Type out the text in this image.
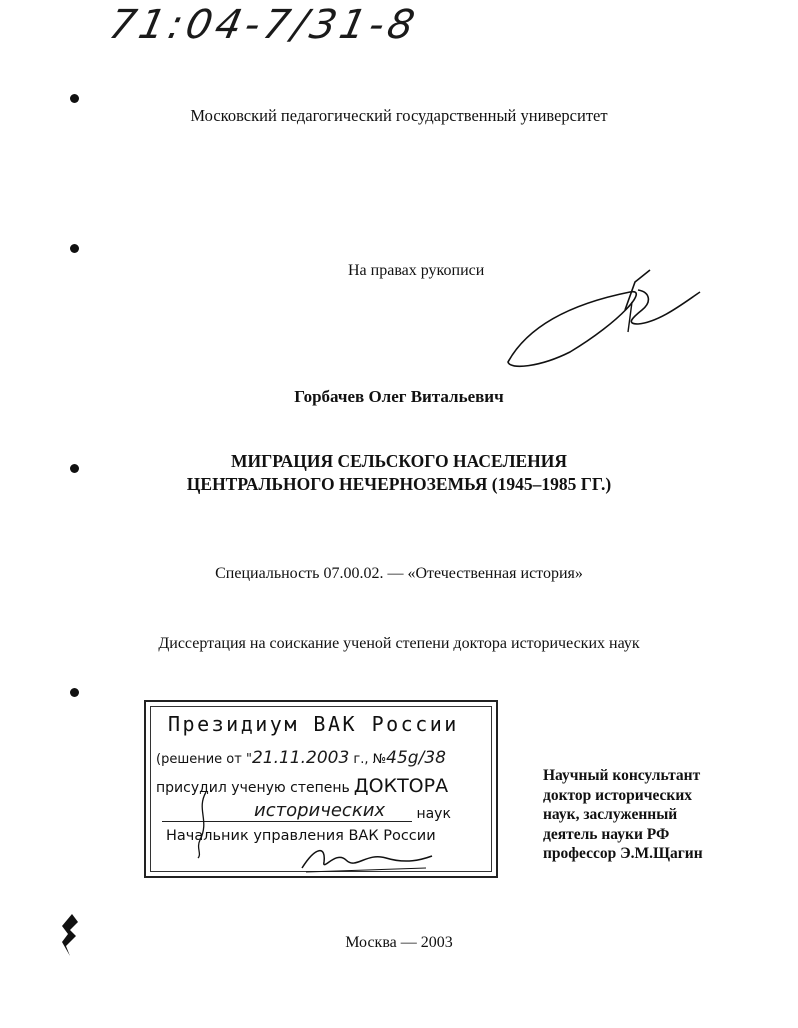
71:04-7/31-8
Московский педагогический государственный университет
На правах рукописи
Горбачев Олег Витальевич
МИГРАЦИЯ СЕЛЬСКОГО НАСЕЛЕНИЯ
ЦЕНТРАЛЬНОГО НЕЧЕРНОЗЕМЬЯ (1945–1985 ГГ.)
Специальность 07.00.02. — «Отечественная история»
Диссертация на соискание ученой степени доктора исторических наук
Президиум ВАК России
(решение от "21.11.2003 г., №45g/38
присудил ученую степень ДОКТОРА
наук
исторических
Начальник управления ВАК России
Научный консультант
доктор исторических
наук, заслуженный
деятель науки РФ
профессор Э.М.Щагин
Москва — 2003
